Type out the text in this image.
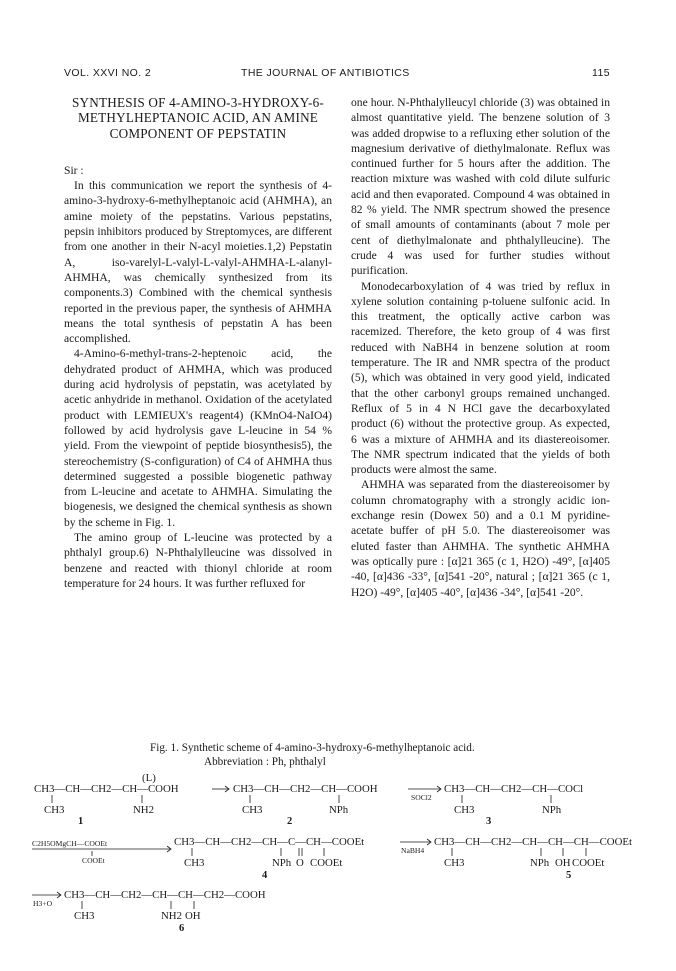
VOL. XXVI NO. 2	THE JOURNAL OF ANTIBIOTICS	115
SYNTHESIS OF 4-AMINO-3-HYDROXY-6-METHYLHEPTANOIC ACID, AN AMINE COMPONENT OF PEPSTATIN

Sir :

In this communication we report the synthesis of 4-amino-3-hydroxy-6-methylheptanoic acid (AHMHA), an amine moiety of the pepstatins. Various pepstatins, pepsin inhibitors produced by Streptomyces, are different from one another in their N-acyl moieties.1,2) Pepstatin A, iso-varelyl-L-valyl-L-valyl-AHMHA-L-alanyl-AHMHA, was chemically synthesized from its components.3) Combined with the chemical synthesis reported in the previous paper, the synthesis of AHMHA means the total synthesis of pepstatin A has been accomplished.

4-Amino-6-methyl-trans-2-heptenoic acid, the dehydrated product of AHMHA, which was produced during acid hydrolysis of pepstatin, was acetylated by acetic anhydride in methanol. Oxidation of the acetylated product with LEMIEUX's reagent4) (KMnO4-NaIO4) followed by acid hydrolysis gave L-leucine in 54 % yield. From the viewpoint of peptide biosynthesis5), the stereochemistry (S-configuration) of C4 of AHMHA thus determined suggested a possible biogenetic pathway from L-leucine and acetate to AHMHA. Simulating the biogenesis, we designed the chemical synthesis as shown by the scheme in Fig. 1.

The amino group of L-leucine was protected by a phthalyl group.6) N-Phthalylleucine was dissolved in benzene and reacted with thionyl chloride at room temperature for 24 hours. It was further refluxed for

one hour. N-Phthalylleucyl chloride (3) was obtained in almost quantitative yield. The benzene solution of 3 was added dropwise to a refluxing ether solution of the magnesium derivative of diethylmalonate. Reflux was continued further for 5 hours after the addition. The reaction mixture was washed with cold dilute sulfuric acid and then evaporated. Compound 4 was obtained in 82 % yield. The NMR spectrum showed the presence of small amounts of contaminants (about 7 mole per cent of diethylmalonate and phthalylleucine). The crude 4 was used for further studies without purification.

Monodecarboxylation of 4 was tried by reflux in xylene solution containing p-toluene sulfonic acid. In this treatment, the optically active carbon was racemized. Therefore, the keto group of 4 was first reduced with NaBH4 in benzene solution at room temperature. The IR and NMR spectra of the product (5), which was obtained in very good yield, indicated that the other carbonyl groups remained unchanged. Reflux of 5 in 4 N HCl gave the decarboxylated product (6) without the protective group. As expected, 6 was a mixture of AHMHA and its diastereoisomer. The NMR spectrum indicated that the yields of both products were almost the same.

AHMHA was separated from the diastereoisomer by column chromatography with a strongly acidic ion-exchange resin (Dowex 50) and a 0.1 M pyridine-acetate buffer of pH 5.0. The diastereoisomer was eluted faster than AHMHA. The synthetic AHMHA was optically pure : [α]21 365 (c 1, H2O) -49°, [α]405 -40, [α]436 -33°, [α]541 -20°, natural ; [α]21 365 (c 1, H2O) -49°, [α]405 -40°, [α]436 -34°, [α]541 -20°.

Fig. 1. Synthetic scheme of 4-amino-3-hydroxy-6-methylheptanoic acid.
Abbreviation : Ph, phthalyl
(L)
CH3—CH—CH2—CH—COOH
CH3	NH2
1
CH3—CH—CH2—CH—COOH
CH3	NPh
2
SOCl2
CH3—CH—CH2—CH—COCl
CH3	NPh
3
C2H5OMgCH—COOEt
COOEt
CH3—CH—CH2—CH—C—CH—COOEt
CH3	NPh O COOEt
4
NaBH4
CH3—CH—CH2—CH—CH—CH—COOEt
CH3	NPh OH COOEt
5
H3+O
CH3—CH—CH2—CH—CH—CH2—COOH
CH3	NH2 OH
6
